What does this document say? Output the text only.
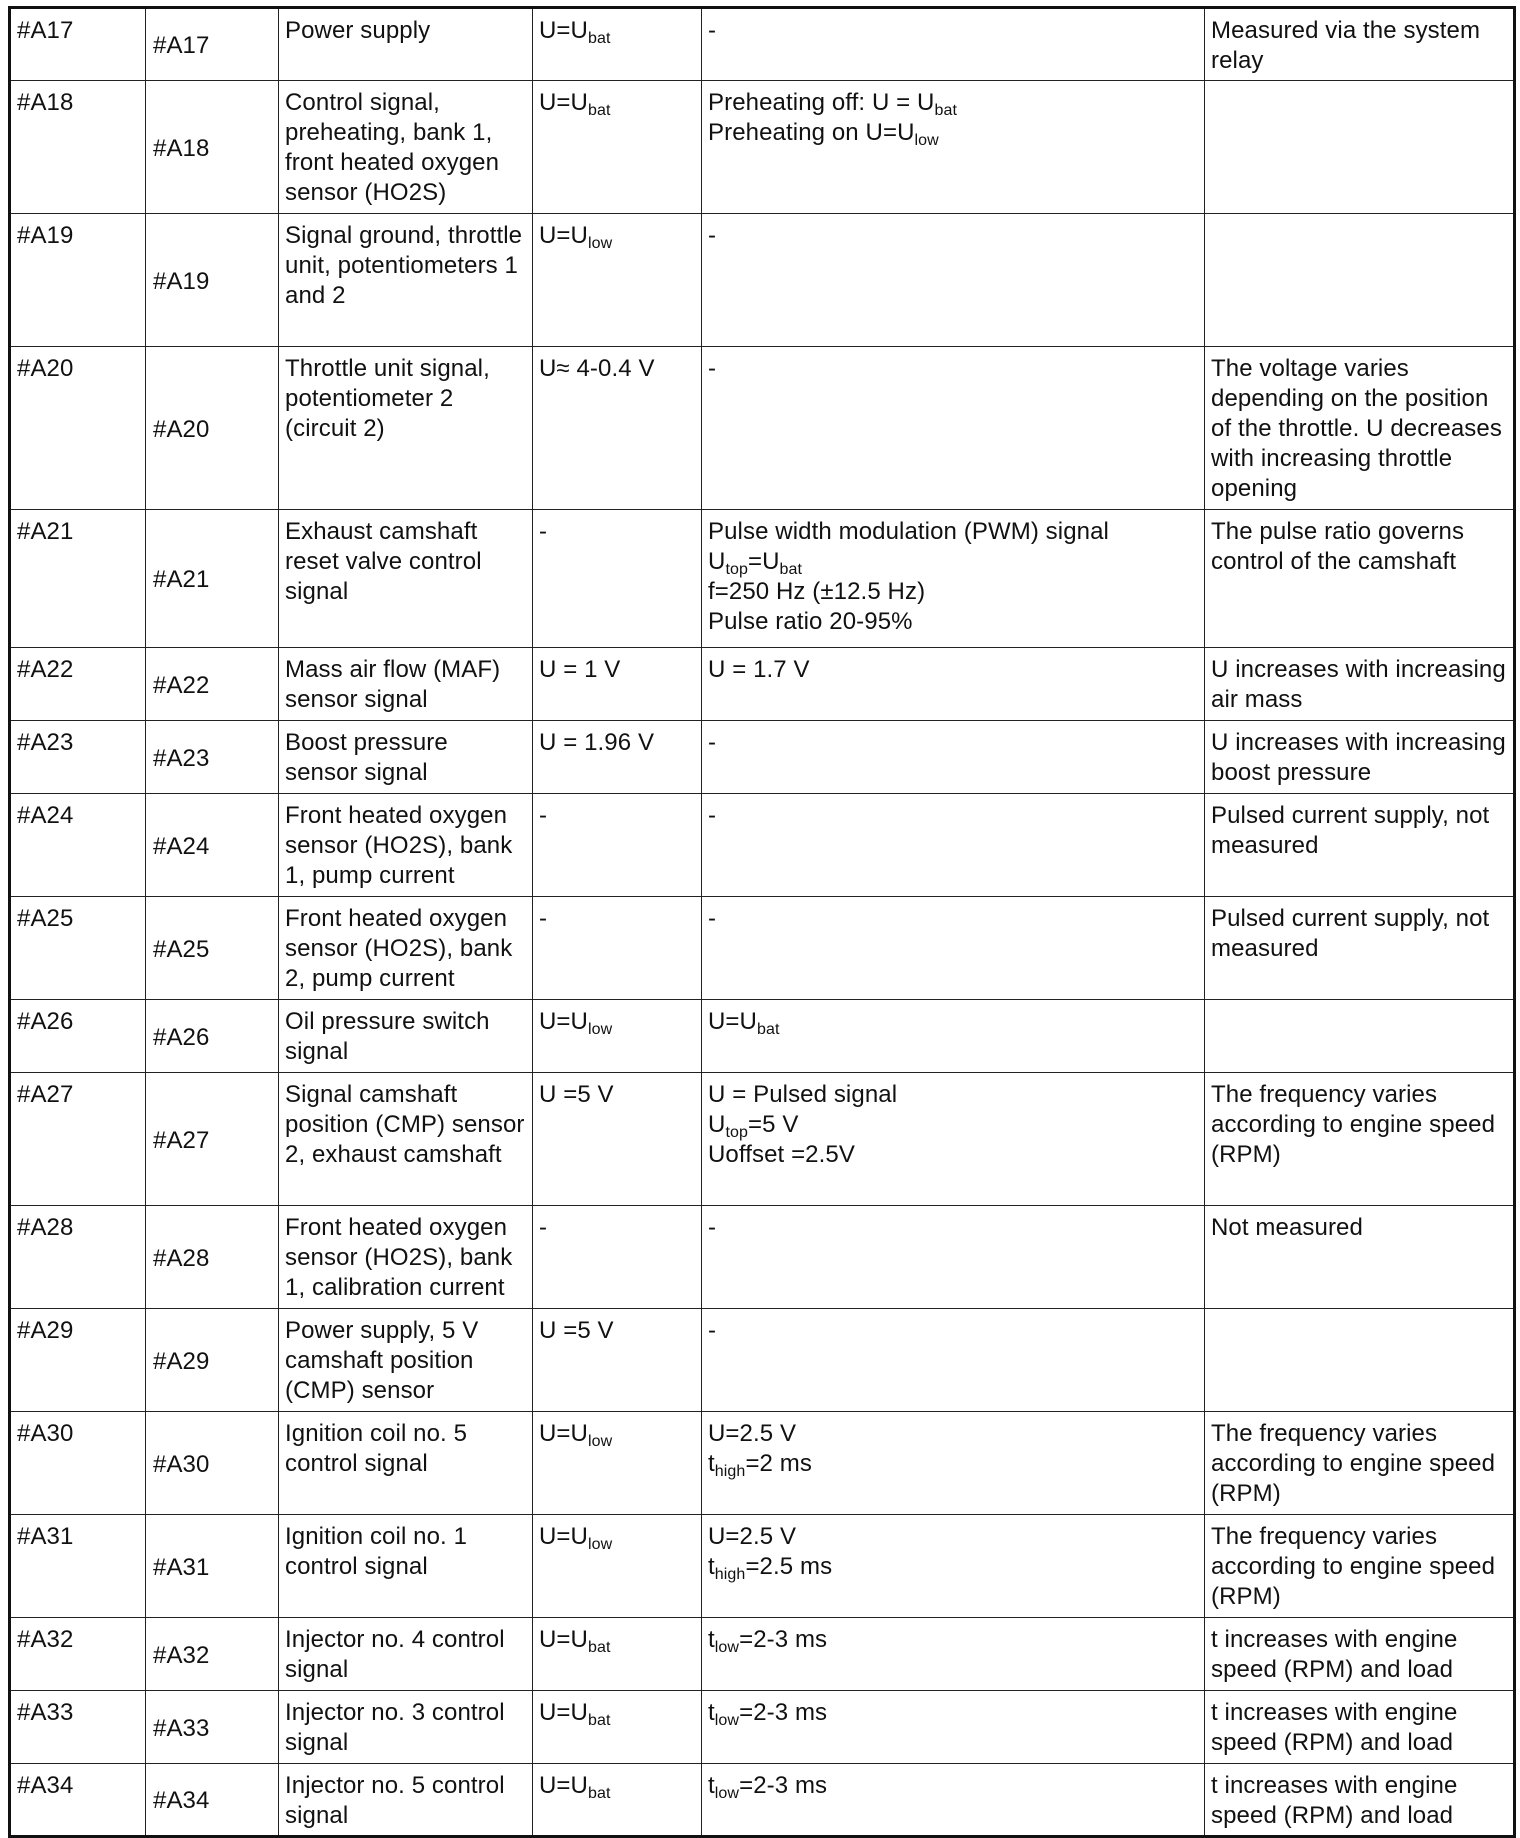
#A17	#A17	Power supply	$U=U_{bat}$	-	Measured via the system relay
#A18	#A18	Control signal, preheating, bank 1, front heated oxygen sensor (HO2S)	$U=U_{bat}$	Preheating off: $U = U_{bat}$
Preheating on $U=U_{low}$

#A19	#A19	Signal ground, throttle unit, potentiometers 1 and 2	$U=U_{low}$	-	

#A20	#A20	Throttle unit signal, potentiometer 2 (circuit 2)	U≈ 4-0.4 V	-	The voltage varies depending on the position of the throttle. U decreases with increasing throttle opening
#A21	#A21	Exhaust camshaft reset valve control signal	-	Pulse width modulation (PWM) signal
$U_{top}=U_{bat}$
f=250 Hz (±12.5 Hz)
Pulse ratio 20-95%	The pulse ratio governs control of the camshaft
#A22	#A22	Mass air flow (MAF) sensor signal	U = 1 V	U = 1.7 V	U increases with increasing air mass
#A23	#A23	Boost pressure sensor signal	U = 1.96 V	-	U increases with increasing boost pressure
#A24	#A24	Front heated oxygen sensor (HO2S), bank 1, pump current	-	-	Pulsed current supply, not measured
#A25	#A25	Front heated oxygen sensor (HO2S), bank 2, pump current	-	-	Pulsed current supply, not measured
#A26	#A26	Oil pressure switch signal	$U=U_{low}$	$U=U_{bat}$

#A27	#A27	Signal camshaft position (CMP) sensor 2, exhaust camshaft	U =5 V	U = Pulsed signal
$U_{top}=5$ V
Uoffset =2.5V	The frequency varies according to engine speed (RPM)
#A28	#A28	Front heated oxygen sensor (HO2S), bank 1, calibration current	-	-	Not measured
#A29	#A29	Power supply, 5 V camshaft position (CMP) sensor	U =5 V	-	

#A30	#A30	Ignition coil no. 5 control signal	$U=U_{low}$	U=2.5 V
$t_{high}=2$ ms	The frequency varies according to engine speed (RPM)
#A31	#A31	Ignition coil no. 1 control signal	$U=U_{low}$	U=2.5 V
$t_{high}=2.5$ ms	The frequency varies according to engine speed (RPM)
#A32	#A32	Injector no. 4 control signal	$U=U_{bat}$	$t_{low}=2-3$ ms	t increases with engine speed (RPM) and load
#A33	#A33	Injector no. 3 control signal	$U=U_{bat}$	$t_{low}=2-3$ ms	t increases with engine speed (RPM) and load
#A34	#A34	Injector no. 5 control signal	$U=U_{bat}$	$t_{low}=2-3$ ms	t increases with engine speed (RPM) and load
